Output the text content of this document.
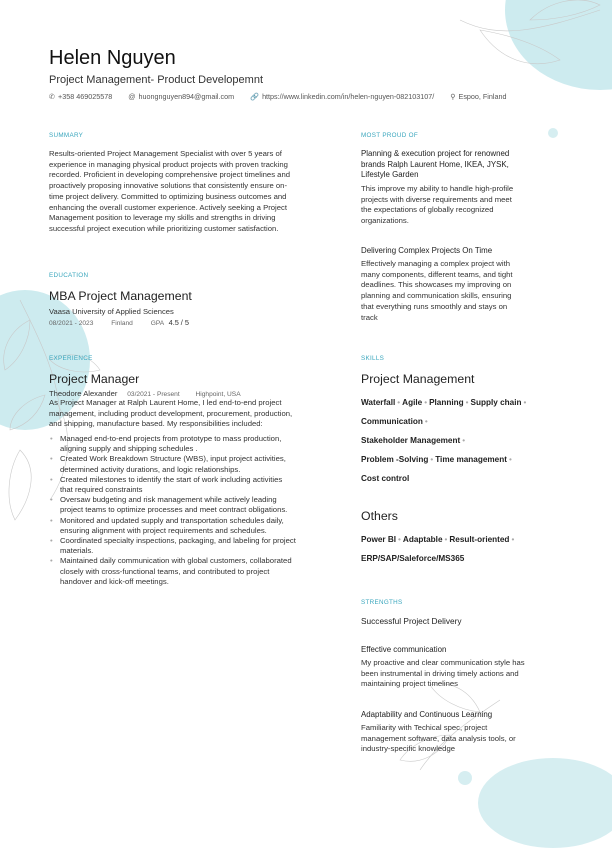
Helen Nguyen
Project Management- Product Developemnt
✆ +358 469025578 @ huongnguyen894@gmail.com 🔗 https://www.linkedin.com/in/helen-nguyen-082103107/ ⚲ Espoo, Finland
SUMMARY
Results-oriented Project Management Specialist with over 5 years of
experience in managing physical product projects with proven tracking
recorded. Proficient in developing comprehensive project timelines and
proactively proposing innovative solutions that consistently ensure on-
time project delivery. Committed to optimizing business outcomes and
enhancing the overall customer experience. Actively seeking a Project
Management position to leverage my skills and strengths in driving
successful project execution while prioritizing customer satisfaction.
EDUCATION
MBA Project Management
Vaasa University of Applied Sciences
08/2021 - 2023	Finland	GPA 4.5 / 5
EXPERIENCE
Project Manager
Theodore Alexander 03/2021 - Present Highpoint, USA
As Project Manager at Ralph Laurent Home, I led end-to-end project
management, including product development, procurement, production,
and shipping, manufacture based. My responsibilities included:
• Managed end-to-end projects from prototype to mass production,
aligning supply and shipping schedules .
• Created Work Breakdown Structure (WBS), input project activities,
determined activity durations, and logic relationships.
• Created milestones to identify the start of work including activities
that required constraints
• Oversaw budgeting and risk management while actively leading
project teams to optimize processes and meet contract obligations.
• Monitored and updated supply and transportation schedules daily,
ensuring alignment with project requirements and schedules.
• Coordinated specialty inspections, packaging, and labeling for project
materials.
• Maintained daily communication with global customers, collaborated
closely with cross-functional teams, and contributed to project
handover and kick-off meetings.
MOST PROUD OF
Planning & execution project for renowned
brands Ralph Laurent Home, IKEA, JYSK,
Lifestyle Garden
This improve my ability to handle high-profile
projects with diverse requirements and meet
the expectations of globally recognized
organizations.
Delivering Complex Projects On Time
Effectively managing a complex project with
many components, different teams, and tight
deadlines. This showcases my improving on
planning and communication skills, ensuring
that everything runs smoothly and stays on
track
SKILLS
Project Management
Waterfall • Agile • Planning • Supply chain •
Communication •
Stakeholder Management •
Problem -Solving • Time management •
Cost control
Others
Power BI • Adaptable • Result-oriented •
ERP/SAP/Saleforce/MS365
STRENGTHS
Successful Project Delivery
Effective communication
My proactive and clear communication style has
been instrumental in driving timely actions and
maintaining project timelines
Adaptability and Continuous Learning
Familiarity with Techical spec, project
management software, data analysis tools, or
industry-specific knowledge
